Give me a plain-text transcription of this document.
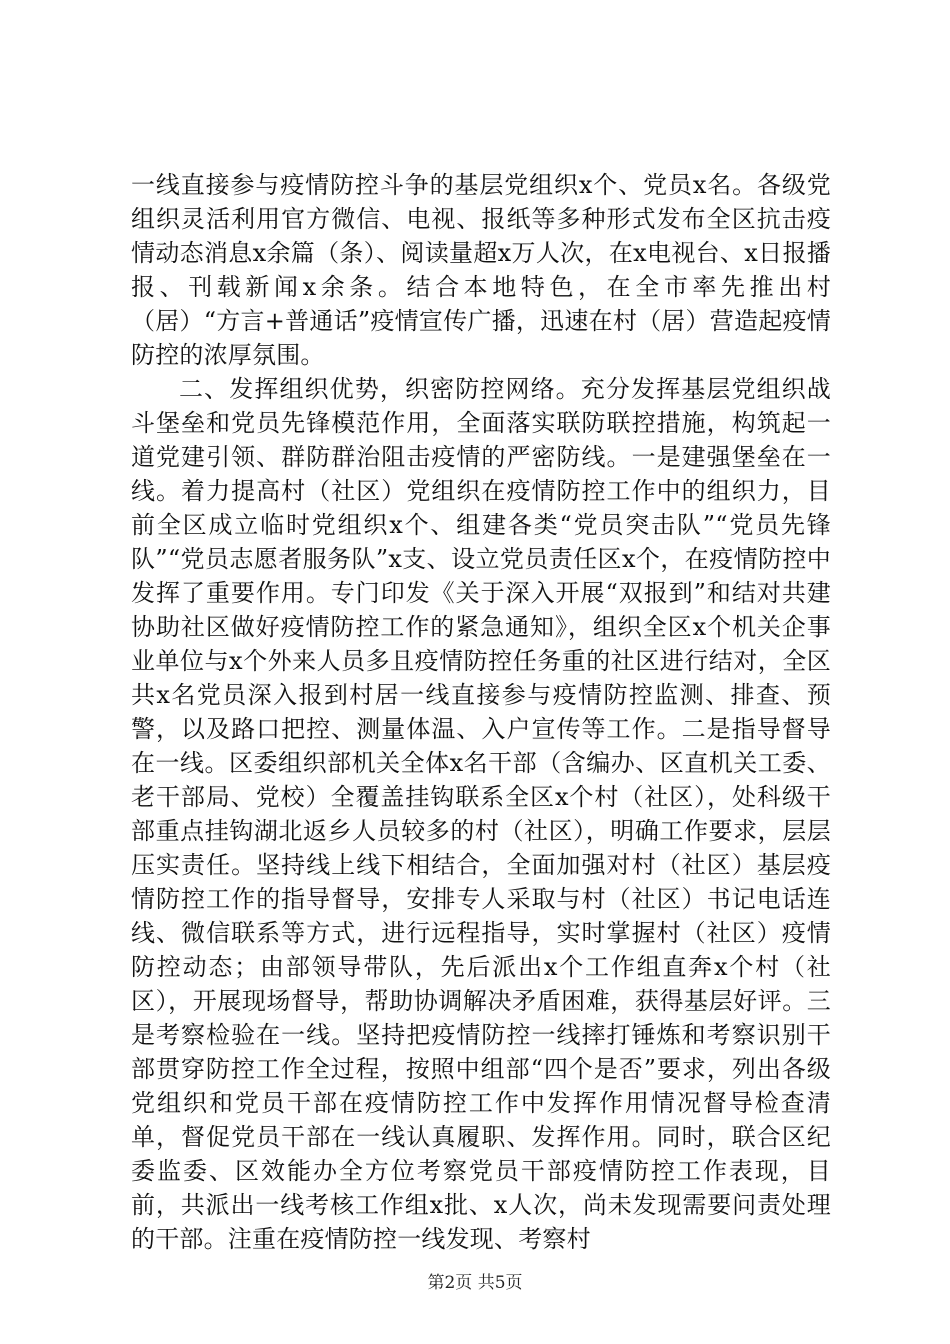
一线直接参与疫情防控斗争的基层党组织x个、党员x名。各级党组织灵活利用官方微信、电视、报纸等多种形式发布全区抗击疫情动态消息x余篇（条）、阅读量超x万人次，在x电视台、x日报播报、刊载新闻x余条。结合本地特色，在全市率先推出村（居）“方言+普通话”疫情宣传广播，迅速在村（居）营造起疫情防控的浓厚氛围。

二、发挥组织优势，织密防控网络。充分发挥基层党组织战斗堡垒和党员先锋模范作用，全面落实联防联控措施，构筑起一道党建引领、群防群治阻击疫情的严密防线。一是建强堡垒在一线。着力提高村（社区）党组织在疫情防控工作中的组织力，目前全区成立临时党组织x个、组建各类“党员突击队”“党员先锋队”“党员志愿者服务队”x支、设立党员责任区x个，在疫情防控中发挥了重要作用。专门印发《关于深入开展“双报到”和结对共建协助社区做好疫情防控工作的紧急通知》，组织全区x个机关企事业单位与x个外来人员多且疫情防控任务重的社区进行结对，全区共x名党员深入报到村居一线直接参与疫情防控监测、排查、预警，以及路口把控、测量体温、入户宣传等工作。二是指导督导在一线。区委组织部机关全体x名干部（含编办、区直机关工委、老干部局、党校）全覆盖挂钩联系全区x个村（社区），处科级干部重点挂钩湖北返乡人员较多的村（社区），明确工作要求，层层压实责任。坚持线上线下相结合，全面加强对村（社区）基层疫情防控工作的指导督导，安排专人采取与村（社区）书记电话连线、微信联系等方式，进行远程指导，实时掌握村（社区）疫情防控动态；由部领导带队，先后派出x个工作组直奔x个村（社区），开展现场督导，帮助协调解决矛盾困难，获得基层好评。三是考察检验在一线。坚持把疫情防控一线摔打锤炼和考察识别干部贯穿防控工作全过程，按照中组部“四个是否”要求，列出各级党组织和党员干部在疫情防控工作中发挥作用情况督导检查清单，督促党员干部在一线认真履职、发挥作用。同时，联合区纪委监委、区效能办全方位考察党员干部疫情防控工作表现，目前，共派出一线考核工作组x批、x人次，尚未发现需要问责处理的干部。注重在疫情防控一线发现、考察村

第2页 共5页
